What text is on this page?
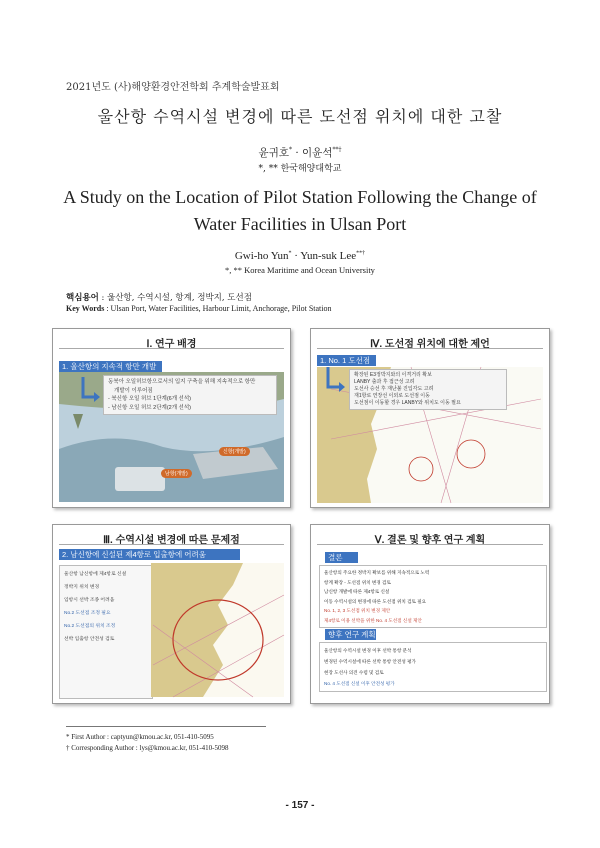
2021년도 (사)해양환경안전학회 추계학술발표회
울산항 수역시설 변경에 따른 도선점 위치에 대한 고찰
윤귀호* · 이윤석**†
*, ** 한국해양대학교
A Study on the Location of Pilot Station Following the Change of Water Facilities in Ulsan Port
Gwi-ho Yun* · Yun-suk Lee**†
*, ** Korea Maritime and Ocean University
핵심용어 : 울산항, 수역시설, 항계, 정박지, 도선점
Key Words : Ulsan Port, Water Facilities, Harbour Limit, Anchorage, Pilot Station
Ⅰ. 연구 배경
1. 울산항의 지속적 항만 개발
동북아 오일허브항으로서의 입지 구축을 위해 지속적으로 항만
개발이 이루어짐
- 북신항 오일 허브 1단계(6개 선석)
- 남신항 오일 허브 2단계(2개 선석)
남항(개발)
신항(개발)
Ⅳ. 도선점 위치에 대한 제언
1. No. 1 도선점
확장된 E3정박지와의 이격거리 확보
LANBY 출과 후 접근성 고려
도선사 승선 후 재난불 진입각도 고려
재1항로 연장선 이외로 도선점 이동
도선점이 이동할 경우 LANBY와 위치도 이동 필요
Ⅲ. 수역시설 변경에 따른 문제점
2. 남신항에 신설된 제4항로 입출항에 어려움
울산항 남신항에 제4항로 신설
정박지 위치 변경
입항시 선박 조종 어려움
No.2 도선점 조정 필요
No.2 도선점의 위치 조정
선박 입출항 안전성 검토
Ⅴ. 결론 및 향후 연구 계획
결론
울산항의 주요한 정박지 확보를 위해 지속적으로 노력
항계 확장 - 도선점 위치 변경 검토
남신항 개발에 따른 제4항로 신설
이동 수역시설의 변경에 따른 도선점 위치 검토 필요
No. 1, 2, 3 도선점 위치 변경 제안
제4항로 이용 선박을 위한 No. 4 도선점 신설 제안
향후 연구 계획
울산항의 수역시설 변경 이후 선박 통항 분석
변경된 수역시설에 따른 선박 통항 안전성 평가
현장 도선사 의견 수렴 및 검토
No. 4 도선점 신설 이후 안전성 평가
* First Author : captyun@kmou.ac.kr, 051-410-5095
† Corresponding Author : lys@kmou.ac.kr, 051-410-5098
- 157 -
